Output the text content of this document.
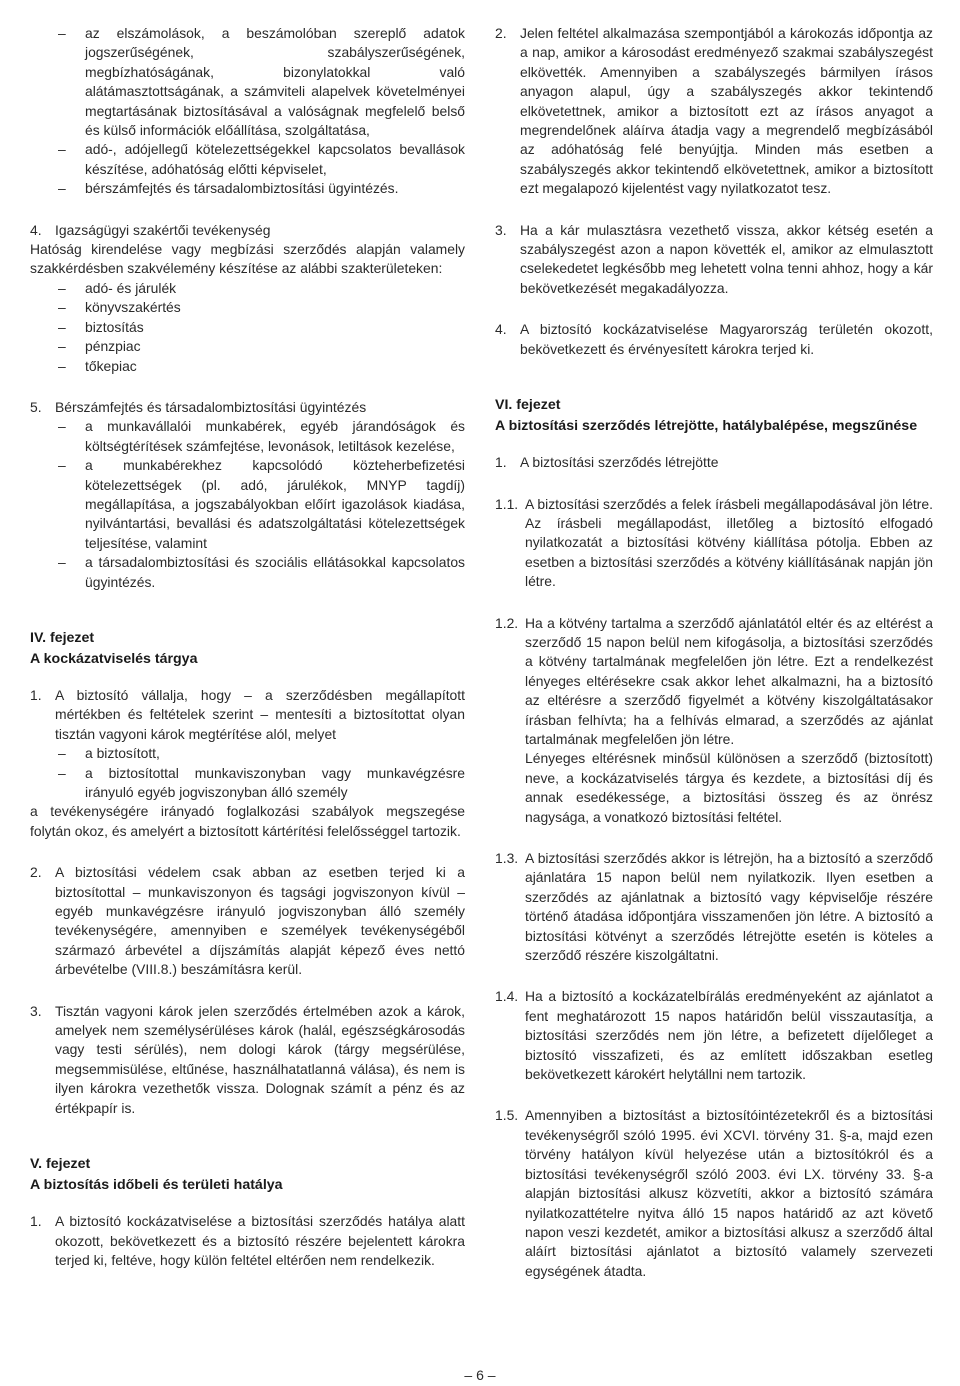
– az elszámolások, a beszámolóban szereplő adatok jogszerűségének, szabályszerűségének, megbízhatóságának, bizonylatokkal való alátámasztottságának, a számviteli alapelvek követelményei megtartásának biztosításával a valóságnak megfelelő belső és külső információk előállítása, szolgáltatása,
– adó-, adójellegű kötelezettségekkel kapcsolatos bevallások készítése, adóhatóság előtti képviselet,
– bérszámfejtés és társadalombiztosítási ügyintézés.
4. Igazságügyi szakértői tevékenység
Hatóság kirendelése vagy megbízási szerződés alapján valamely szakkérdésben szakvélemény készítése az alábbi szakterületeken:
– adó- és járulék
– könyvszakértés
– biztosítás
– pénzpiac
– tőkepiac
5. Bérszámfejtés és társadalombiztosítási ügyintézés
– a munkavállalói munkabérek, egyéb járandóságok és költségtérítések számfejtése, levonások, letiltások kezelése,
– a munkabérekhez kapcsolódó közteherbefizetési kötelezettségek (pl. adó, járulékok, MNYP tagdíj) megállapítása, a jogszabályokban előírt igazolások kiadása, nyilvántartási, bevallási és adatszolgáltatási kötelezettségek teljesítése, valamint
– a társadalombiztosítási és szociális ellátásokkal kapcsolatos ügyintézés.
IV. fejezet
A kockázatviselés tárgya
1. A biztosító vállalja, hogy – a szerződésben megállapított mértékben és feltételek szerint – mentesíti a biztosítottat olyan tisztán vagyoni károk megtérítése alól, melyet
– a biztosított,
– a biztosítottal munkaviszonyban vagy munkavégzésre irányuló egyéb jogviszonyban álló személy
a tevékenységére irányadó foglalkozási szabályok megszegése folytán okoz, és amelyért a biztosított kártérítési felelősséggel tartozik.
2. A biztosítási védelem csak abban az esetben terjed ki a biztosítottal – munkaviszonyon és tagsági jogviszonyon kívül – egyéb munkavégzésre irányuló jogviszonyban álló személy tevékenységére, amennyiben e személyek tevékenységéből származó árbevétel a díjszámítás alapját képező éves nettó árbevételbe (VIII.8.) beszámításra kerül.
3. Tisztán vagyoni károk jelen szerződés értelmében azok a károk, amelyek nem személysérüléses károk (halál, egészségkárosodás vagy testi sérülés), nem dologi károk (tárgy megsérülése, megsemmisülése, eltűnése, használhatatlanná válása), és nem is ilyen károkra vezethetők vissza. Dolognak számít a pénz és az értékpapír is.
V. fejezet
A biztosítás időbeli és területi hatálya
1. A biztosító kockázatviselése a biztosítási szerződés hatálya alatt okozott, bekövetkezett és a biztosító részére bejelentett károkra terjed ki, feltéve, hogy külön feltétel eltérően nem rendelkezik.
2. Jelen feltétel alkalmazása szempontjából a károkozás időpontja az a nap, amikor a károsodást eredményező szakmai szabályszegést elkövették. Amennyiben a szabályszegés bármilyen írásos anyagon alapul, úgy a szabályszegés akkor tekintendő elkövetettnek, amikor a biztosított ezt az írásos anyagot a megrendelőnek aláírva átadja vagy a megrendelő megbízásából az adóhatóság felé benyújtja. Minden más esetben a szabályszegés akkor tekintendő elkövetettnek, amikor a biztosított ezt megalapozó kijelentést vagy nyilatkozatot tesz.
3. Ha a kár mulasztásra vezethető vissza, akkor kétség esetén a szabályszegést azon a napon követték el, amikor az elmulasztott cselekedetet legkésőbb meg lehetett volna tenni ahhoz, hogy a kár bekövetkezését megakadályozza.
4. A biztosító kockázatviselése Magyarország területén okozott, bekövetkezett és érvényesített károkra terjed ki.
VI. fejezet
A biztosítási szerződés létrejötte, hatálybalépése, megszűnése
1. A biztosítási szerződés létrejötte
1.1. A biztosítási szerződés a felek írásbeli megállapodásával jön létre. Az írásbeli megállapodást, illetőleg a biztosító elfogadó nyilatkozatát a biztosítási kötvény kiállítása pótolja. Ebben az esetben a biztosítási szerződés a kötvény kiállításának napján jön létre.
1.2. Ha a kötvény tartalma a szerződő ajánlatától eltér és az eltérést a szerződő 15 napon belül nem kifogásolja, a biztosítási szerződés a kötvény tartalmának megfelelően jön létre. Ezt a rendelkezést lényeges eltérésekre csak akkor lehet alkalmazni, ha a biztosító az eltérésre a szerződő figyelmét a kötvény kiszolgáltatásakor írásban felhívta; ha a felhívás elmarad, a szerződés az ajánlat tartalmának megfelelően jön létre.
Lényeges eltérésnek minősül különösen a szerződő (biztosított) neve, a kockázatviselés tárgya és kezdete, a biztosítási díj és annak esedékessége, a biztosítási összeg és az önrész nagysága, a vonatkozó biztosítási feltétel.
1.3. A biztosítási szerződés akkor is létrejön, ha a biztosító a szerződő ajánlatára 15 napon belül nem nyilatkozik. Ilyen esetben a szerződés az ajánlatnak a biztosító vagy képviselője részére történő átadása időpontjára visszamenően jön létre. A biztosító a biztosítási kötvényt a szerződés létrejötte esetén is köteles a szerződő részére kiszolgáltatni.
1.4. Ha a biztosító a kockázatelbírálás eredményeként az ajánlatot a fent meghatározott 15 napos határidőn belül visszautasítja, a biztosítási szerződés nem jön létre, a befizetett díjelőleget a biztosító visszafizeti, és az említett időszakban esetleg bekövetkezett károkért helytállni nem tartozik.
1.5. Amennyiben a biztosítást a biztosítóintézetekről és a biztosítási tevékenységről szóló 1995. évi XCVI. törvény 31. §-a, majd ezen törvény hatályon kívül helyezése után a biztosítókról és a biztosítási tevékenységről szóló 2003. évi LX. törvény 33. §-a alapján biztosítási alkusz közvetíti, akkor a biztosító számára nyilatkozattételre nyitva álló 15 napos határidő az azt követő napon veszi kezdetét, amikor a biztosítási alkusz a szerződő által aláírt biztosítási ajánlatot a biztosító valamely szervezeti egységének átadta.
– 6 –
